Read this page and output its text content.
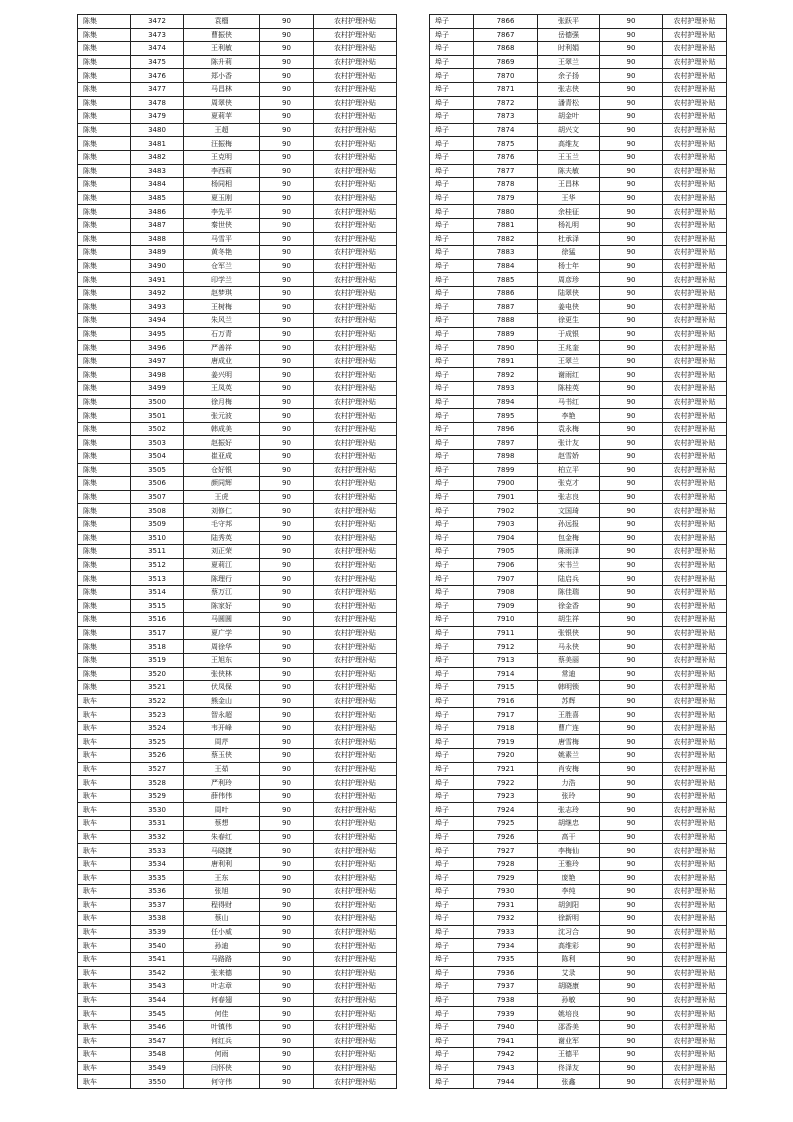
陈集	3472	袁榴	90	农村护理补贴
陈集	3473	曹振侠	90	农村护理补贴
陈集	3474	王利敏	90	农村护理补贴
陈集	3475	陈升莉	90	农村护理补贴
陈集	3476	郑小香	90	农村护理补贴
陈集	3477	马昌林	90	农村护理补贴
陈集	3478	周翠侠	90	农村护理补贴
陈集	3479	夏莉苹	90	农村护理补贴
陈集	3480	王超	90	农村护理补贴
陈集	3481	汪振梅	90	农村护理补贴
陈集	3482	王克明	90	农村护理补贴
陈集	3483	李西莉	90	农村护理补贴
陈集	3484	杨同相	90	农村护理补贴
陈集	3485	夏玉刚	90	农村护理补贴
陈集	3486	李先平	90	农村护理补贴
陈集	3487	秦世侠	90	农村护理补贴
陈集	3488	马雪平	90	农村护理补贴
陈集	3489	黄冬艳	90	农村护理补贴
陈集	3490	仓军兰	90	农村护理补贴
陈集	3491	印学兰	90	农村护理补贴
陈集	3492	赵梦琪	90	农村护理补贴
陈集	3493	王树梅	90	农村护理补贴
陈集	3494	朱风兰	90	农村护理补贴
陈集	3495	石万青	90	农村护理补贴
陈集	3496	严善祥	90	农村护理补贴
陈集	3497	唐成业	90	农村护理补贴
陈集	3498	姜兴明	90	农村护理补贴
陈集	3499	王凤英	90	农村护理补贴
陈集	3500	徐月梅	90	农村护理补贴
陈集	3501	张元波	90	农村护理补贴
陈集	3502	韩成美	90	农村护理补贴
陈集	3503	赵振好	90	农村护理补贴
陈集	3504	崔亚成	90	农村护理补贴
陈集	3505	仓好银	90	农村护理补贴
陈集	3506	颜同辉	90	农村护理补贴
陈集	3507	王虎	90	农村护理补贴
陈集	3508	刘修仁	90	农村护理补贴
陈集	3509	毛守邦	90	农村护理补贴
陈集	3510	陆秀英	90	农村护理补贴
陈集	3511	刘正荣	90	农村护理补贴
陈集	3512	夏莉江	90	农村护理补贴
陈集	3513	陈理行	90	农村护理补贴
陈集	3514	蔡万江	90	农村护理补贴
陈集	3515	陈家好	90	农村护理补贴
陈集	3516	马圆圆	90	农村护理补贴
陈集	3517	夏广学	90	农村护理补贴
陈集	3518	周徐华	90	农村护理补贴
陈集	3519	王旭东	90	农村护理补贴
陈集	3520	张侠林	90	农村护理补贴
陈集	3521	伏凤保	90	农村护理补贴
耿车	3522	熊金山	90	农村护理补贴
耿车	3523	智永超	90	农村护理补贴
耿车	3524	韦开峰	90	农村护理补贴
耿车	3525	周芹	90	农村护理补贴
耿车	3526	蔡玉侠	90	农村护理补贴
耿车	3527	王茹	90	农村护理补贴
耿车	3528	严利玲	90	农村护理补贴
耿车	3529	薛伟伟	90	农村护理补贴
耿车	3530	周叶	90	农村护理补贴
耿车	3531	蔡想	90	农村护理补贴
耿车	3532	朱春红	90	农村护理补贴
耿车	3533	马晓捷	90	农村护理补贴
耿车	3534	唐利利	90	农村护理补贴
耿车	3535	王东	90	农村护理补贴
耿车	3536	张旭	90	农村护理补贴
耿车	3537	程得财	90	农村护理补贴
耿车	3538	蔡山	90	农村护理补贴
耿车	3539	任小威	90	农村护理补贴
耿车	3540	孙迪	90	农村护理补贴
耿车	3541	马路路	90	农村护理补贴
耿车	3542	张来德	90	农村护理补贴
耿车	3543	叶志章	90	农村护理补贴
耿车	3544	何春翅	90	农村护理补贴
耿车	3545	何佳	90	农村护理补贴
耿车	3546	叶镇伟	90	农村护理补贴
耿车	3547	何红兵	90	农村护理补贴
耿车	3548	何雨	90	农村护理补贴
耿车	3549	闫怀侠	90	农村护理补贴
耿车	3550	何守伟	90	农村护理补贴
埠子	7866	张跃平	90	农村护理补贴
埠子	7867	岳德强	90	农村护理补贴
埠子	7868	时利娟	90	农村护理补贴
埠子	7869	王翠兰	90	农村护理补贴
埠子	7870	余子扬	90	农村护理补贴
埠子	7871	张志侠	90	农村护理补贴
埠子	7872	潘青松	90	农村护理补贴
埠子	7873	胡金叶	90	农村护理补贴
埠子	7874	胡兴文	90	农村护理补贴
埠子	7875	高维友	90	农村护理补贴
埠子	7876	王玉兰	90	农村护理补贴
埠子	7877	陈夫敏	90	农村护理补贴
埠子	7878	王昌林	90	农村护理补贴
埠子	7879	王华	90	农村护理补贴
埠子	7880	余桂征	90	农村护理补贴
埠子	7881	杨礼明	90	农村护理补贴
埠子	7882	杜承泽	90	农村护理补贴
埠子	7883	徐猛	90	农村护理补贴
埠子	7884	杨士年	90	农村护理补贴
埠子	7885	周彦珍	90	农村护理补贴
埠子	7886	陆翠侠	90	农村护理补贴
埠子	7887	姜电侠	90	农村护理补贴
埠子	7888	徐更生	90	农村护理补贴
埠子	7889	于成银	90	农村护理补贴
埠子	7890	王兆奎	90	农村护理补贴
埠子	7891	王翠兰	90	农村护理补贴
埠子	7892	谢雨红	90	农村护理补贴
埠子	7893	陈桂英	90	农村护理补贴
埠子	7894	马书红	90	农村护理补贴
埠子	7895	李艳	90	农村护理补贴
埠子	7896	袁永梅	90	农村护理补贴
埠子	7897	张计友	90	农村护理补贴
埠子	7898	赵雪娇	90	农村护理补贴
埠子	7899	柏立平	90	农村护理补贴
埠子	7900	张克才	90	农村护理补贴
埠子	7901	张志良	90	农村护理补贴
埠子	7902	文国琦	90	农村护理补贴
埠子	7903	孙远报	90	农村护理补贴
埠子	7904	包金梅	90	农村护理补贴
埠子	7905	陈雨泽	90	农村护理补贴
埠子	7906	宋书兰	90	农村护理补贴
埠子	7907	陆启兵	90	农村护理补贴
埠子	7908	陈佳瑞	90	农村护理补贴
埠子	7909	徐金香	90	农村护理补贴
埠子	7910	胡生祥	90	农村护理补贴
埠子	7911	张银侠	90	农村护理补贴
埠子	7912	马永侠	90	农村护理补贴
埠子	7913	蔡美丽	90	农村护理补贴
埠子	7914	常迪	90	农村护理补贴
埠子	7915	韩明锁	90	农村护理补贴
埠子	7916	苏辉	90	农村护理补贴
埠子	7917	王胜喜	90	农村护理补贴
埠子	7918	曹广连	90	农村护理补贴
埠子	7919	唐雪梅	90	农村护理补贴
埠子	7920	姚素兰	90	农村护理补贴
埠子	7921	肖安梅	90	农村护理补贴
埠子	7922	力浩	90	农村护理补贴
埠子	7923	张玲	90	农村护理补贴
埠子	7924	张志玲	90	农村护理补贴
埠子	7925	胡继忠	90	农村护理补贴
埠子	7926	高干	90	农村护理补贴
埠子	7927	李梅仙	90	农村护理补贴
埠子	7928	王雅玲	90	农村护理补贴
埠子	7929	庞艳	90	农村护理补贴
埠子	7930	李纯	90	农村护理补贴
埠子	7931	胡剑阳	90	农村护理补贴
埠子	7932	徐新明	90	农村护理补贴
埠子	7933	沈习合	90	农村护理补贴
埠子	7934	高维彩	90	农村护理补贴
埠子	7935	陈利	90	农村护理补贴
埠子	7936	艾录	90	农村护理补贴
埠子	7937	胡晓康	90	农村护理补贴
埠子	7938	孙敏	90	农村护理补贴
埠子	7939	姚培良	90	农村护理补贴
埠子	7940	邵香美	90	农村护理补贴
埠子	7941	谢业军	90	农村护理补贴
埠子	7942	王德平	90	农村护理补贴
埠子	7943	佟泽友	90	农村护理补贴
埠子	7944	张鑫	90	农村护理补贴
